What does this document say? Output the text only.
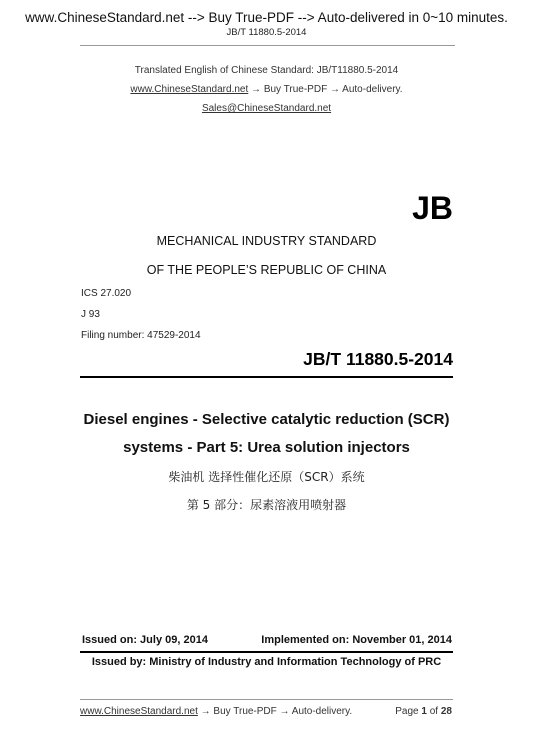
www.ChineseStandard.net --> Buy True-PDF --> Auto-delivered in 0~10 minutes.
JB/T 11880.5-2014
Translated English of Chinese Standard: JB/T11880.5-2014
www.ChineseStandard.net → Buy True-PDF → Auto-delivery.
Sales@ChineseStandard.net
JB
MECHANICAL INDUSTRY STANDARD
OF THE PEOPLE’S REPUBLIC OF CHINA
ICS 27.020
J 93
Filing number: 47529-2014
JB/T 11880.5-2014
Diesel engines - Selective catalytic reduction (SCR)
systems - Part 5: Urea solution injectors
柴油机 选择性催化还原（SCR）系统
第 5 部分：尿素溶液用喷射器
Issued on: July 09, 2014	Implemented on: November 01, 2014
Issued by: Ministry of Industry and Information Technology of PRC
www.ChineseStandard.net → Buy True-PDF → Auto-delivery.	Page 1 of 28
